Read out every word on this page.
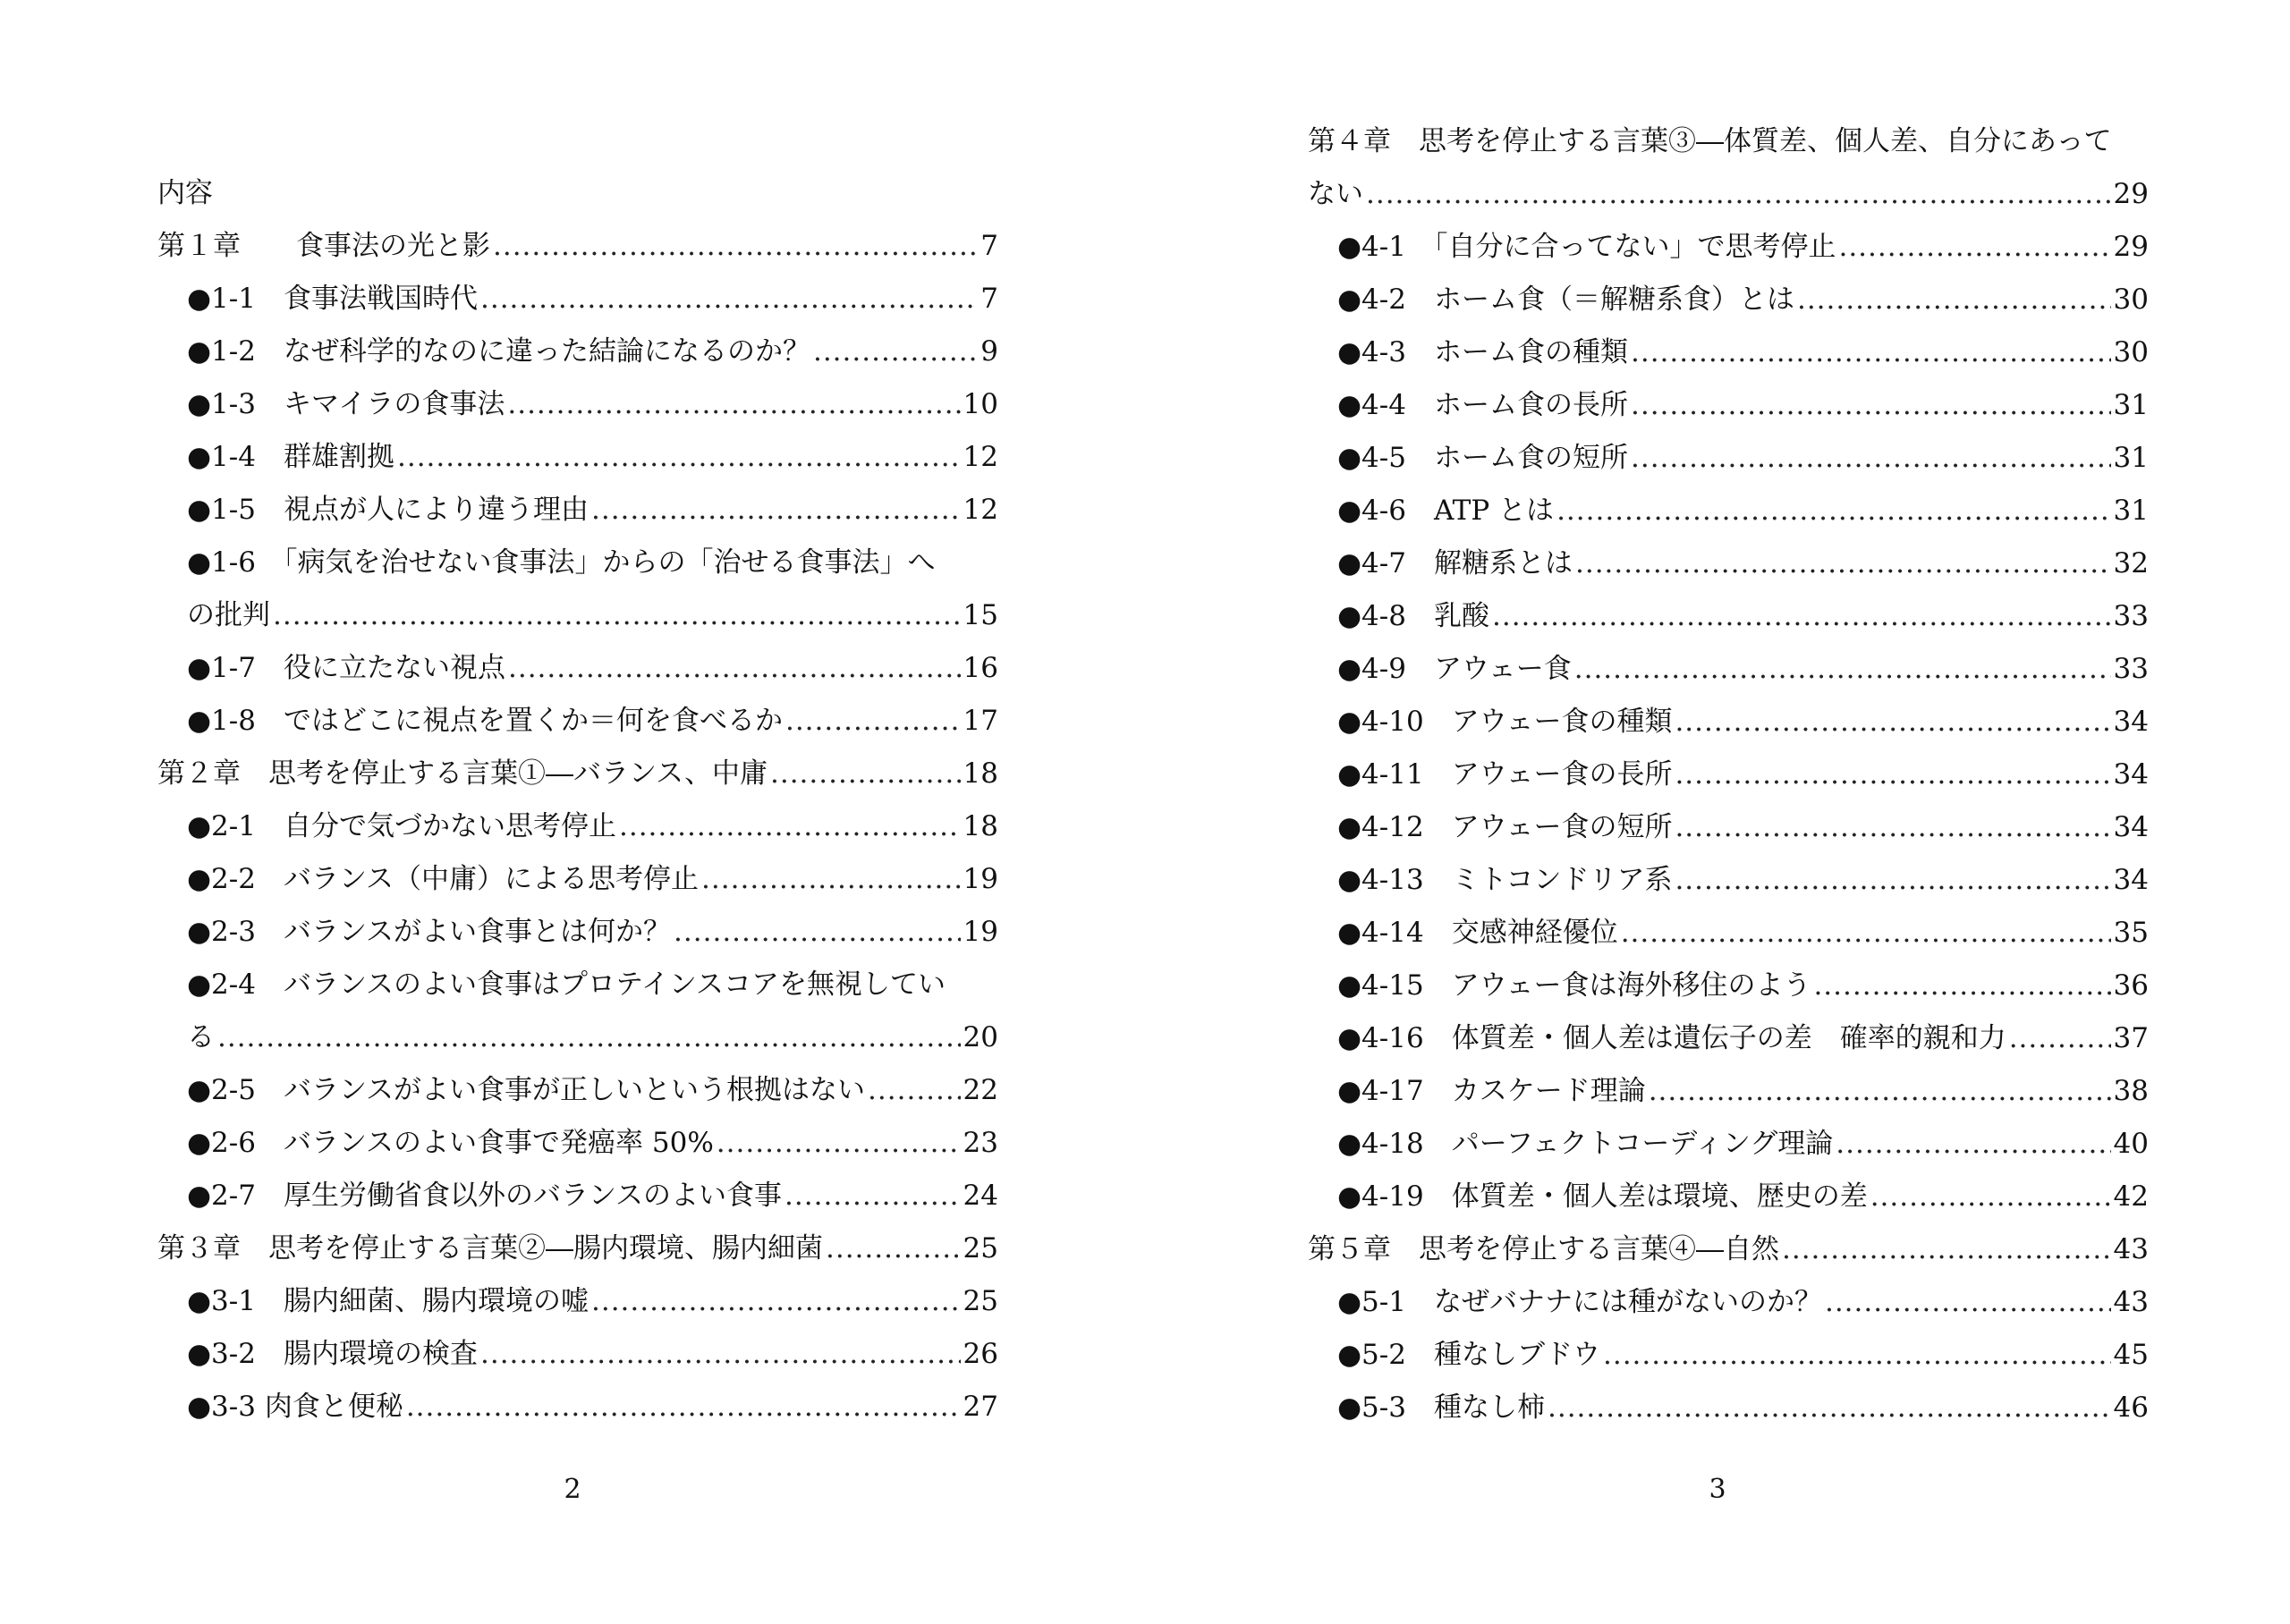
内容
第１章　　食事法の光と影 .....	7
●1-1　食事法戦国時代 .....	7
●1-2　なぜ科学的なのに違った結論になるのか？ .....	9
●1-3　キマイラの食事法 .....	10
●1-4　群雄割拠 .....	12
●1-5　視点が人により違う理由 .....	12
●1-6　「病気を治せない食事法」からの「治せる食事法」へ
の批判 .....	15
●1-7　役に立たない視点 .....	16
●1-8　ではどこに視点を置くか＝何を食べるか .....	17
第２章　思考を停止する言葉①―バランス、中庸 .....	18
●2-1　自分で気づかない思考停止 .....	18
●2-2　バランス（中庸）による思考停止 .....	19
●2-3　バランスがよい食事とは何か？ .....	19
●2-4　バランスのよい食事はプロテインスコアを無視してい
る .....	20
●2-5　バランスがよい食事が正しいという根拠はない .....	22
●2-6　バランスのよい食事で発癌率 50% .....	23
●2-7　厚生労働省食以外のバランスのよい食事 .....	24
第３章　思考を停止する言葉②―腸内環境、腸内細菌 .....	25
●3-1　腸内細菌、腸内環境の嘘 .....	25
●3-2　腸内環境の検査 .....	26
●3-3 肉食と便秘 .....	27
2
第４章　思考を停止する言葉③―体質差、個人差、自分にあって
ない .....	29
●4-1　「自分に合ってない」で思考停止 .....	29
●4-2　ホーム食（＝解糖系食）とは .....	30
●4-3　ホーム食の種類 .....	30
●4-4　ホーム食の長所 .....	31
●4-5　ホーム食の短所 .....	31
●4-6　ATP とは .....	31
●4-7　解糖系とは .....	32
●4-8　乳酸 .....	33
●4-9　アウェー食 .....	33
●4-10　アウェー食の種類 .....	34
●4-11　アウェー食の長所 .....	34
●4-12　アウェー食の短所 .....	34
●4-13　ミトコンドリア系 .....	34
●4-14　交感神経優位 .....	35
●4-15　アウェー食は海外移住のよう .....	36
●4-16　体質差・個人差は遺伝子の差　確率的親和力 .....	37
●4-17　カスケード理論 .....	38
●4-18　パーフェクトコーディング理論 .....	40
●4-19　体質差・個人差は環境、歴史の差 .....	42
第５章　思考を停止する言葉④―自然 .....	43
●5-1　なぜバナナには種がないのか？ .....	43
●5-2　種なしブドウ .....	45
●5-3　種なし柿 .....	46
3
